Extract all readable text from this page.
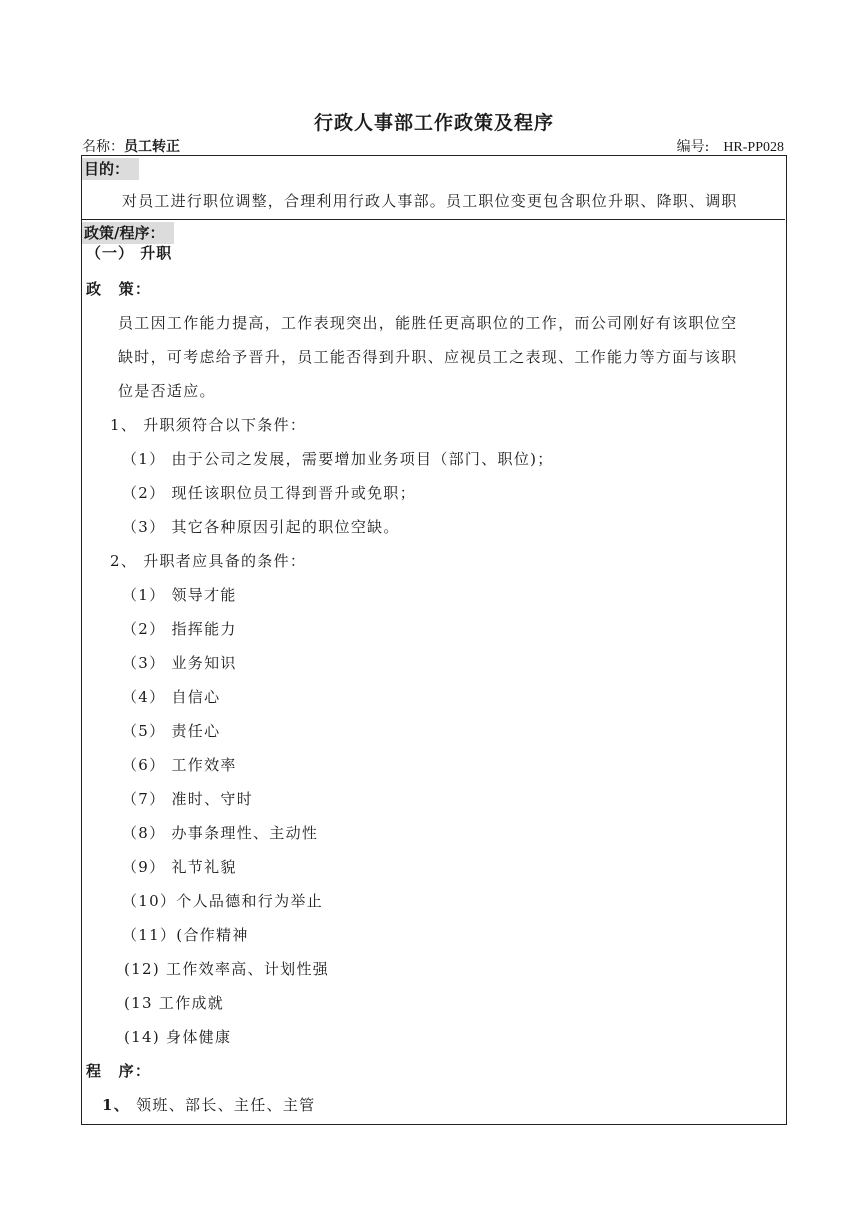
行政人事部工作政策及程序
名称：员工转正	编号: HR-PP028
目的：
对员工进行职位调整，合理利用行政人事部。员工职位变更包含职位升职、降职、调职
政策/程序：
（一） 升职
政　策：
员工因工作能力提高，工作表现突出，能胜任更高职位的工作，而公司刚好有该职位空
缺时，可考虑给予晋升，员工能否得到升职、应视员工之表现、工作能力等方面与该职
位是否适应。
1、 升职须符合以下条件：
（1） 由于公司之发展，需要增加业务项目（部门、职位)；
（2） 现任该职位员工得到晋升或免职；
（3） 其它各种原因引起的职位空缺。
2、 升职者应具备的条件：
（1） 领导才能
（2） 指挥能力
（3） 业务知识
（4） 自信心
（5） 责任心
（6） 工作效率
（7） 准时、守时
（8） 办事条理性、主动性
（9） 礼节礼貌
（10）个人品德和行为举止
（11）(合作精神
(12) 工作效率高、计划性强
(13 工作成就
(14) 身体健康
程　序：
1、 领班、部长、主任、主管
